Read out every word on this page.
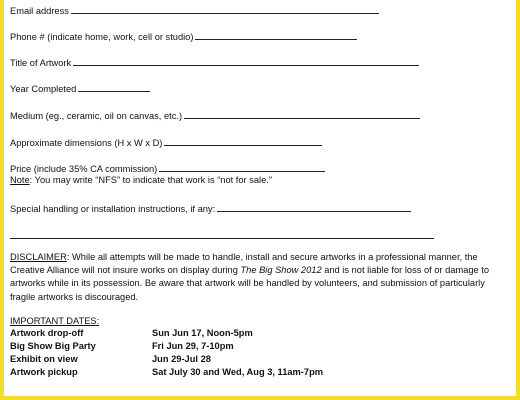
Email address
Phone # (indicate home, work, cell or studio)
Title of Artwork
Year Completed
Medium (eg., ceramic, oil on canvas, etc.)
Approximate dimensions (H x W x D)
Price (include 35% CA commission)
Note: You may write “NFS” to indicate that work is “not for sale.”
Special handling or installation instructions, if any:
DISCLAIMER: While all attempts will be made to handle, install and secure artworks in a professional manner, the Creative Alliance will not insure works on display during The Big Show 2012 and is not liable for loss of or damage to artworks while in its possession. Be aware that artwork will be handled by volunteers, and submission of particularly fragile artworks is discouraged.
IMPORTANT DATES:
Artwork drop-off	Sun Jun 17, Noon-5pm
Big Show Big Party	Fri Jun 29, 7-10pm
Exhibit on view	Jun 29-Jul 28
Artwork pickup	Sat July 30 and Wed, Aug 3, 11am-7pm
